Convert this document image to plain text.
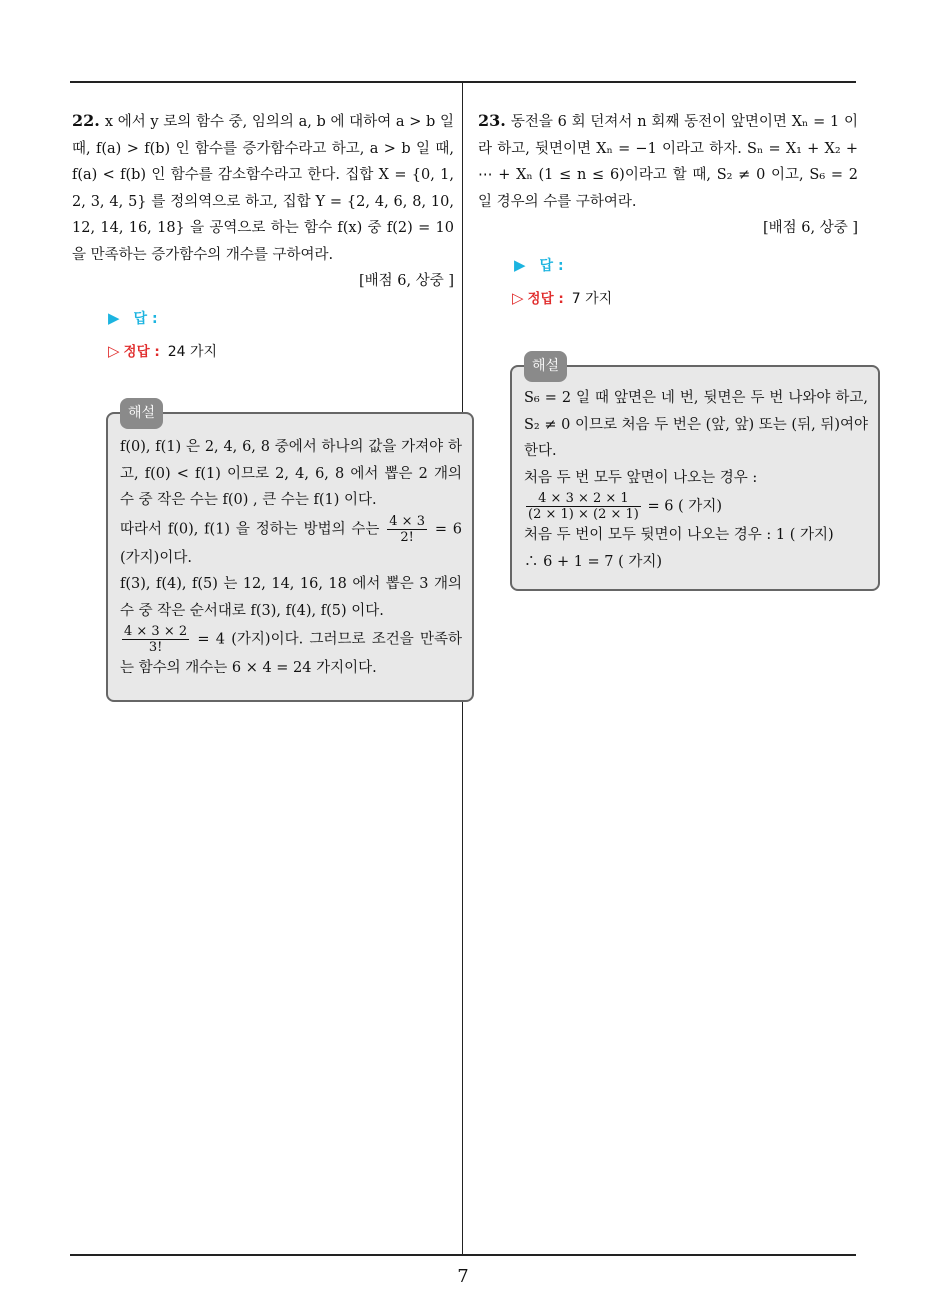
22. x 에서 y 로의 함수 중, 임의의 a, b 에 대하여 a > b 일 때, f(a) > f(b) 인 함수를 증가함수라고 하고, a > b 일 때, f(a) < f(b) 인 함수를 감소함수라고 한다. 집합 X = {0, 1, 2, 3, 4, 5} 를 정의역으로 하고, 집합 Y = {2, 4, 6, 8, 10, 12, 14, 16, 18} 을 공역으로 하는 함수 f(x) 중 f(2) = 10 을 만족하는 증가함수의 개수를 구하여라.
[배점 6, 상중 ]
▶ 답 :
▷ 정답 : 24 가지
해설

f(0), f(1) 은 2, 4, 6, 8 중에서 하나의 값을 가져야 하고, f(0) < f(1) 이므로 2, 4, 6, 8 에서 뽑은 2 개의 수 중 작은 수는 f(0) , 큰 수는 f(1) 이다.

따라서 f(0), f(1) 을 정하는 방법의 수는 $\frac{4 \times 3}{2!} = 6$ (가지)이다.

f(3), f(4), f(5) 는 12, 14, 16, 18 에서 뽑은 3 개의 수 중 작은 순서대로 f(3), f(4), f(5) 이다.

$\frac{4 \times 3 \times 2}{3!} = 4$ (가지)이다. 그러므로 조건을 만족하는 함수의 개수는 6 × 4 = 24 가지이다.

23. 동전을 6 회 던져서 n 회째 동전이 앞면이면 Xₙ = 1 이라 하고, 뒷면이면 Xₙ = −1 이라고 하자. Sₙ = X₁ + X₂ + ⋯ + Xₙ (1 ≤ n ≤ 6)이라고 할 때, S₂ ≠ 0 이고, S₆ = 2 일 경우의 수를 구하여라.
[배점 6, 상중 ]
▶ 답 :
▷ 정답 : 7 가지
해설

S₆ = 2 일 때 앞면은 네 번, 뒷면은 두 번 나와야 하고, S₂ ≠ 0 이므로 처음 두 번은 (앞, 앞) 또는 (뒤, 뒤)여야 한다.

처음 두 번 모두 앞면이 나오는 경우 :

$\frac{4 \times 3 \times 2 \times 1}{(2 \times 1) \times (2 \times 1)} = 6$ ( 가지)

처음 두 번이 모두 뒷면이 나오는 경우 : 1 ( 가지)

∴ 6 + 1 = 7 ( 가지)

7
